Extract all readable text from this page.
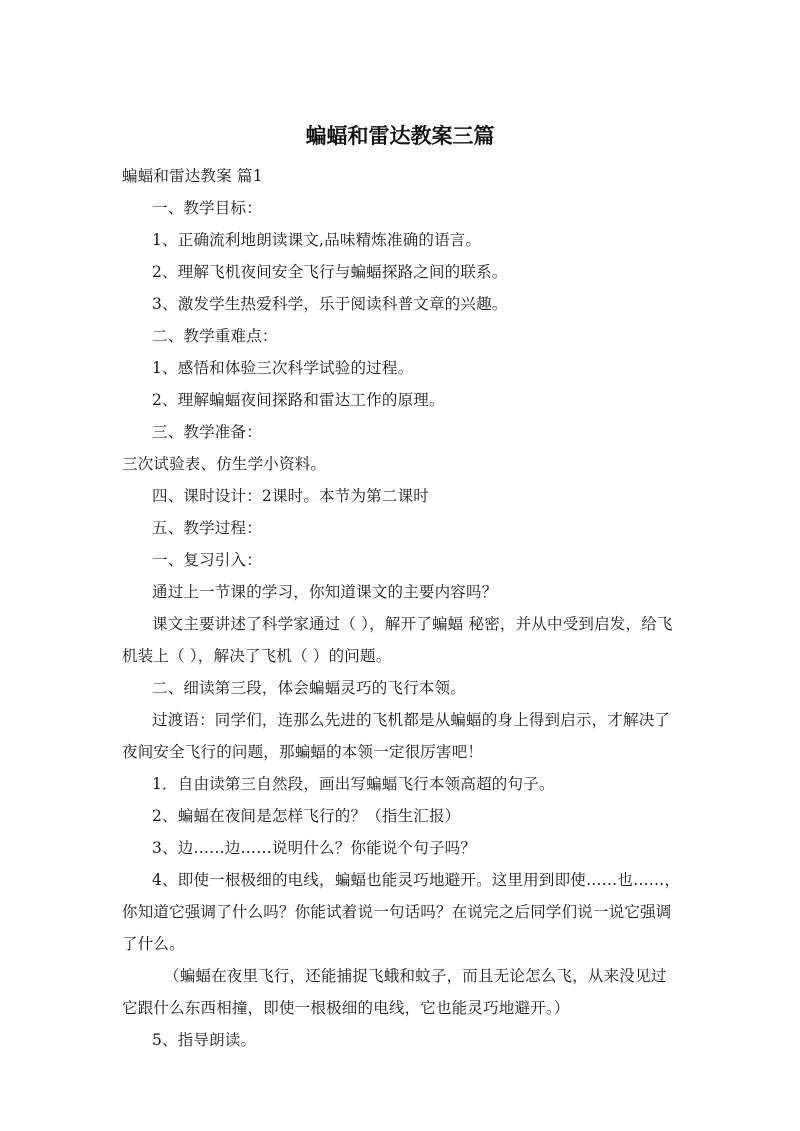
蝙蝠和雷达教案三篇

蝙蝠和雷达教案 篇1

一、教学目标：

1、正确流利地朗读课文,品味精炼准确的语言。

2、理解飞机夜间安全飞行与蝙蝠探路之间的联系。

3、激发学生热爱科学，乐于阅读科普文章的兴趣。

二、教学重难点：

1、感悟和体验三次科学试验的过程。

2、理解蝙蝠夜间探路和雷达工作的原理。

三、教学准备：

三次试验表、仿生学小资料。

四、课时设计：2课时。本节为第二课时

五、教学过程：

一、复习引入：

通过上一节课的学习，你知道课文的主要内容吗？

课文主要讲述了科学家通过（ ），解开了蝙蝠 秘密，并从中受到启发，给飞机装上（ ），解决了飞机（ ）的问题。

二、细读第三段，体会蝙蝠灵巧的飞行本领。

过渡语：同学们，连那么先进的飞机都是从蝙蝠的身上得到启示，才解决了夜间安全飞行的问题，那蝙蝠的本领一定很厉害吧！

1．自由读第三自然段，画出写蝙蝠飞行本领高超的句子。

2、蝙蝠在夜间是怎样飞行的？（指生汇报）

3、边……边……说明什么？你能说个句子吗？

4、即使一根极细的电线，蝙蝠也能灵巧地避开。这里用到即使……也……，你知道它强调了什么吗？你能试着说一句话吗？在说完之后同学们说一说它强调了什么。

（蝙蝠在夜里飞行，还能捕捉飞蛾和蚊子，而且无论怎么飞，从来没见过它跟什么东西相撞，即使一根极细的电线，它也能灵巧地避开。）

5、指导朗读。
